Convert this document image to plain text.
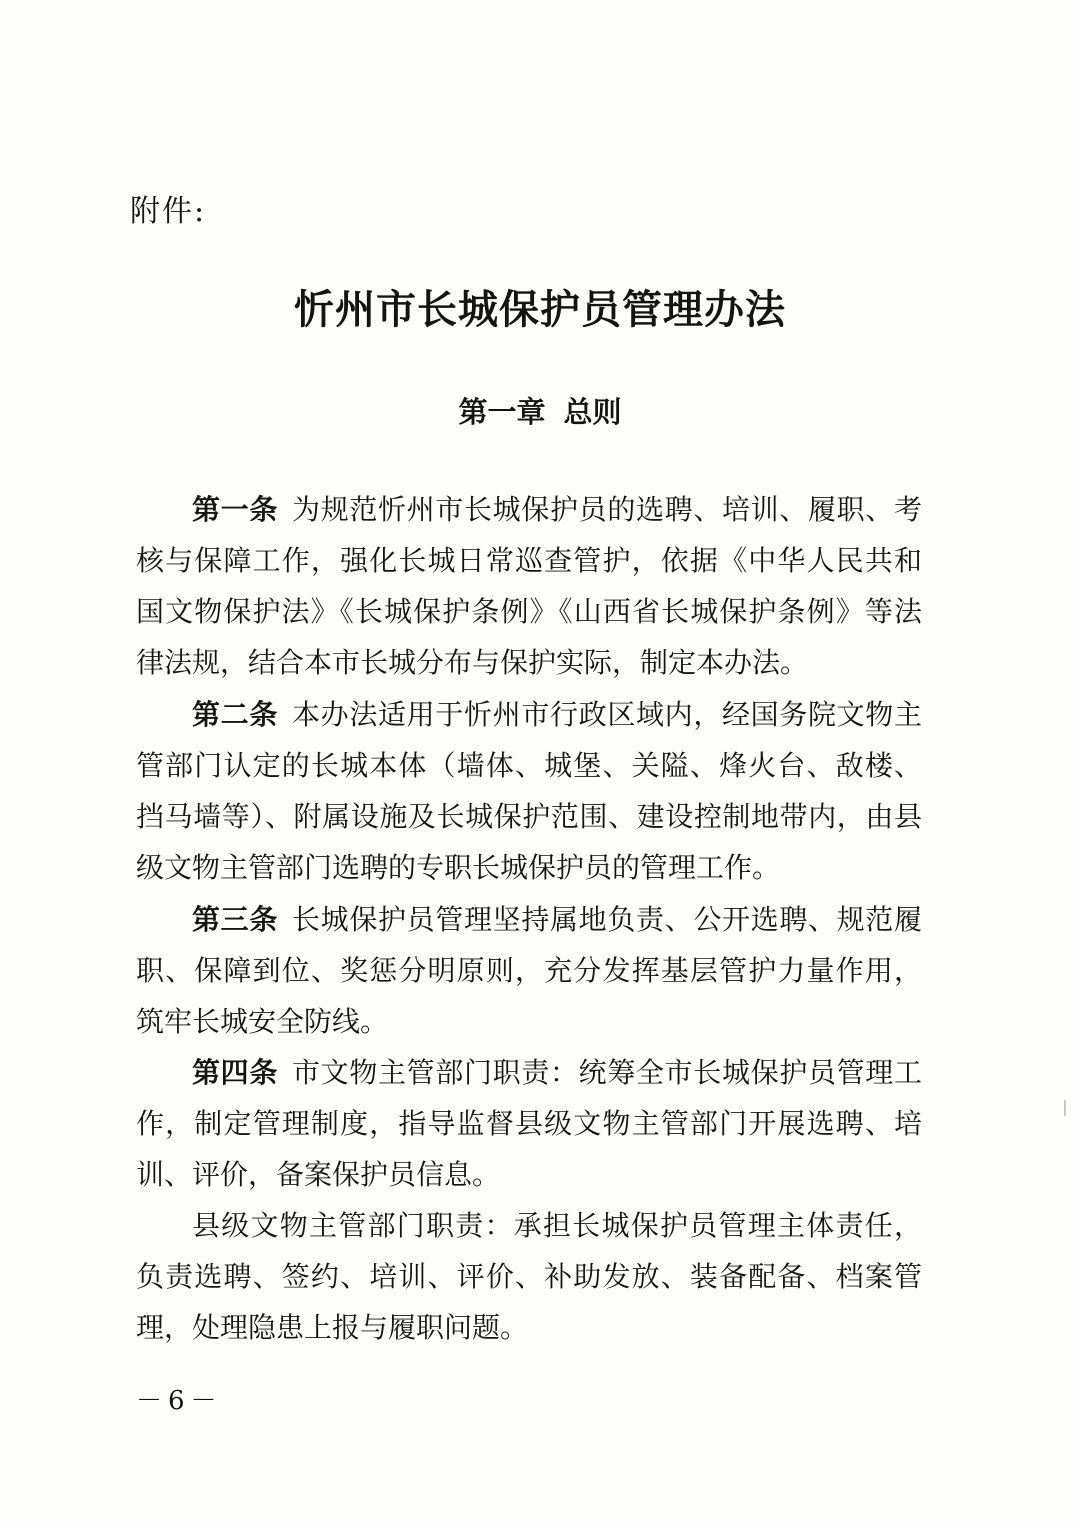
附件:
忻州市长城保护员管理办法
第一章 总则
第一条 为规范忻州市长城保护员的选聘、培训、履职、考
核与保障工作，强化长城日常巡查管护，依据《中华人民共和
国文物保护法》《长城保护条例》《山西省长城保护条例》等法
律法规，结合本市长城分布与保护实际，制定本办法。
第二条 本办法适用于忻州市行政区域内，经国务院文物主
管部门认定的长城本体（墙体、城堡、关隘、烽火台、敌楼、
挡马墙等）、附属设施及长城保护范围、建设控制地带内，由县
级文物主管部门选聘的专职长城保护员的管理工作。
第三条 长城保护员管理坚持属地负责、公开选聘、规范履
职、保障到位、奖惩分明原则，充分发挥基层管护力量作用，
筑牢长城安全防线。
第四条 市文物主管部门职责：统筹全市长城保护员管理工
作，制定管理制度，指导监督县级文物主管部门开展选聘、培
训、评价，备案保护员信息。
县级文物主管部门职责：承担长城保护员管理主体责任，
负责选聘、签约、培训、评价、补助发放、装备配备、档案管
理，处理隐患上报与履职问题。
－6－
